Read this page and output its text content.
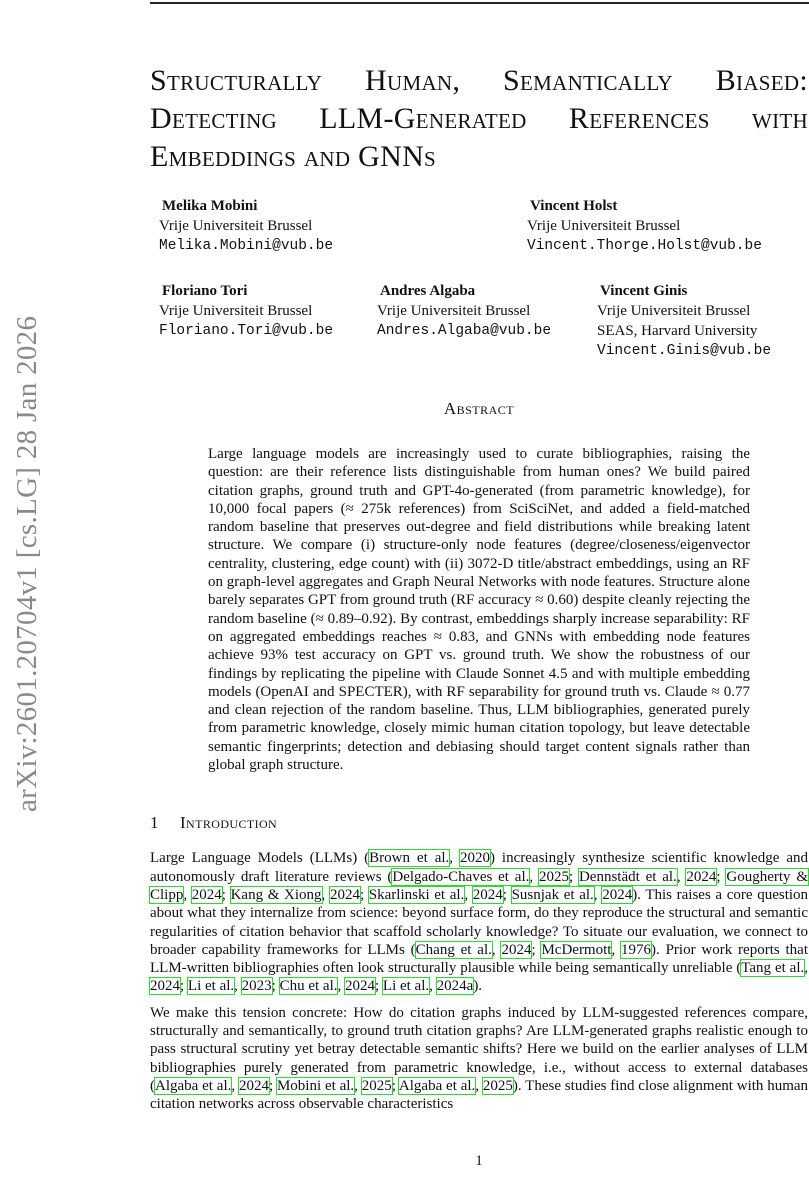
arXiv:2601.20704v1 [cs.LG] 28 Jan 2026
Structurally Human, Semantically Biased:
Detecting LLM-Generated References with
Embeddings and GNNs
Melika Mobini
Vrije Universiteit Brussel
Melika.Mobini@vub.be
Vincent Holst
Vrije Universiteit Brussel
Vincent.Thorge.Holst@vub.be
Floriano Tori
Vrije Universiteit Brussel
Floriano.Tori@vub.be
Andres Algaba
Vrije Universiteit Brussel
Andres.Algaba@vub.be
Vincent Ginis
Vrije Universiteit Brussel
SEAS, Harvard University
Vincent.Ginis@vub.be
Abstract
Large language models are increasingly used to curate bibliographies, raising the question: are their reference lists distinguishable from human ones? We build paired citation graphs, ground truth and GPT-4o-generated (from parametric knowledge), for 10,000 focal papers (≈ 275k references) from SciSciNet, and added a field-matched random baseline that preserves out-degree and field distributions while breaking latent structure. We compare (i) structure-only node features (degree/closeness/eigenvector centrality, clustering, edge count) with (ii) 3072-D title/abstract embeddings, using an RF on graph-level aggregates and Graph Neural Networks with node features. Structure alone barely separates GPT from ground truth (RF accuracy ≈ 0.60) despite cleanly rejecting the random baseline (≈ 0.89–0.92). By contrast, embeddings sharply increase separability: RF on aggregated embeddings reaches ≈ 0.83, and GNNs with embedding node features achieve 93% test accuracy on GPT vs. ground truth. We show the robustness of our findings by replicating the pipeline with Claude Sonnet 4.5 and with multiple embedding models (OpenAI and SPECTER), with RF separability for ground truth vs. Claude ≈ 0.77 and clean rejection of the random baseline. Thus, LLM bibliographies, generated purely from parametric knowledge, closely mimic human citation topology, but leave detectable semantic fingerprints; detection and debiasing should target content signals rather than global graph structure.
1 Introduction
Large Language Models (LLMs) (Brown et al., 2020) increasingly synthesize scientific knowledge and autonomously draft literature reviews (Delgado-Chaves et al., 2025; Dennstädt et al., 2024; Gougherty & Clipp, 2024; Kang & Xiong, 2024; Skarlinski et al., 2024; Susnjak et al., 2024). This raises a core question about what they internalize from science: beyond surface form, do they reproduce the structural and semantic regularities of citation behavior that scaffold scholarly knowledge? To situate our evaluation, we connect to broader capability frameworks for LLMs (Chang et al., 2024; McDermott, 1976). Prior work reports that LLM-written bibliographies often look structurally plausible while being semantically unreliable (Tang et al., 2024; Li et al., 2023; Chu et al., 2024; Li et al., 2024a).
We make this tension concrete: How do citation graphs induced by LLM-suggested references compare, structurally and semantically, to ground truth citation graphs? Are LLM-generated graphs realistic enough to pass structural scrutiny yet betray detectable semantic shifts? Here we build on the earlier analyses of LLM bibliographies purely generated from parametric knowledge, i.e., without access to external databases (Algaba et al., 2024; Mobini et al., 2025; Algaba et al., 2025). These studies find close alignment with human citation networks across observable characteristics
1
